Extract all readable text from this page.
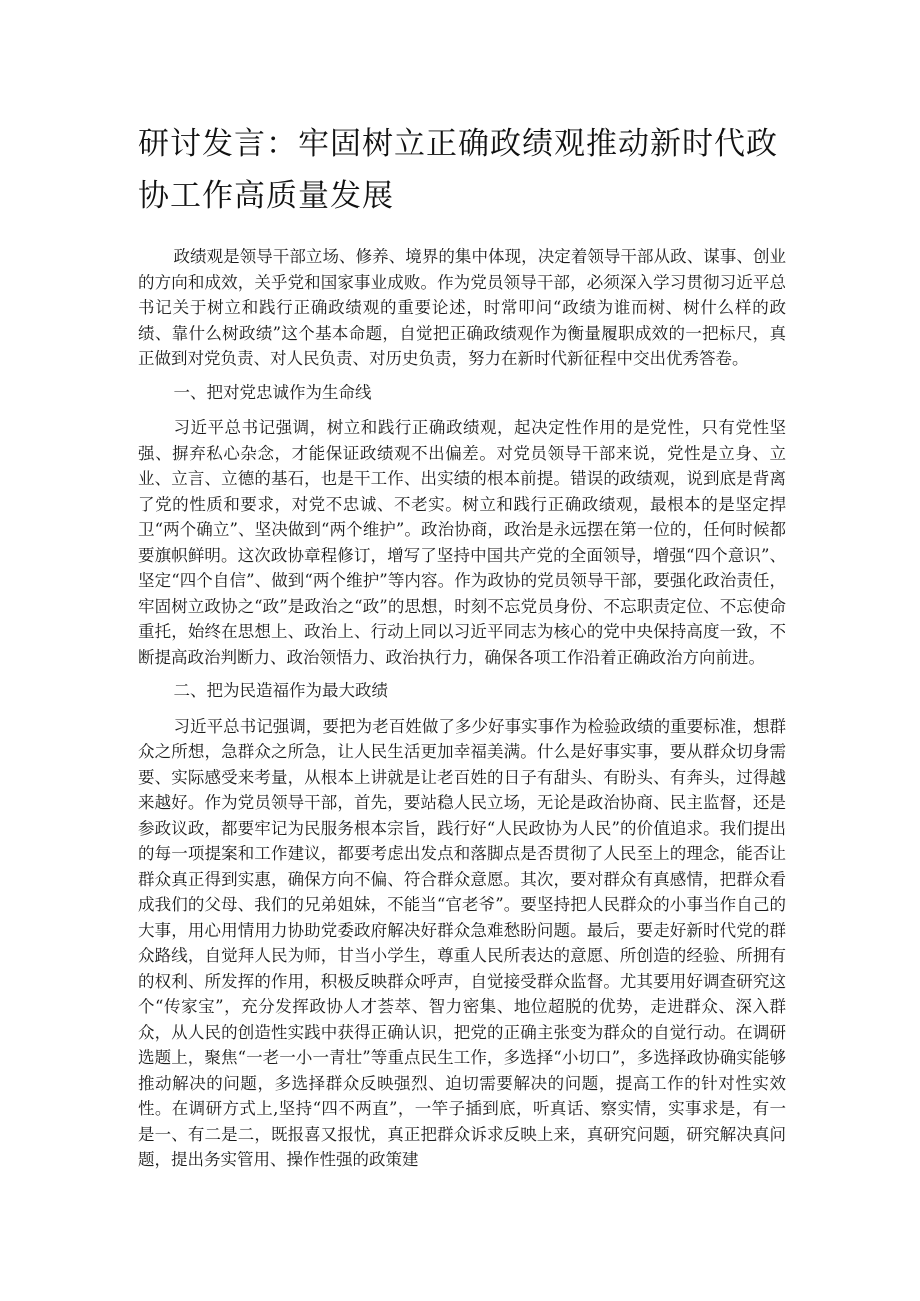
研讨发言：牢固树立正确政绩观推动新时代政协工作高质量发展

政绩观是领导干部立场、修养、境界的集中体现，决定着领导干部从政、谋事、创业的方向和成效，关乎党和国家事业成败。作为党员领导干部，必须深入学习贯彻习近平总书记关于树立和践行正确政绩观的重要论述，时常叩问“政绩为谁而树、树什么样的政绩、靠什么树政绩”这个基本命题，自觉把正确政绩观作为衡量履职成效的一把标尺，真正做到对党负责、对人民负责、对历史负责，努力在新时代新征程中交出优秀答卷。

一、把对党忠诚作为生命线

习近平总书记强调，树立和践行正确政绩观，起决定性作用的是党性，只有党性坚强、摒弃私心杂念，才能保证政绩观不出偏差。对党员领导干部来说，党性是立身、立业、立言、立德的基石，也是干工作、出实绩的根本前提。错误的政绩观，说到底是背离了党的性质和要求，对党不忠诚、不老实。树立和践行正确政绩观，最根本的是坚定捍卫“两个确立”、坚决做到“两个维护”。政治协商，政治是永远摆在第一位的，任何时候都要旗帜鲜明。这次政协章程修订，增写了坚持中国共产党的全面领导，增强“四个意识”、坚定“四个自信”、做到“两个维护”等内容。作为政协的党员领导干部，要强化政治责任，牢固树立政协之“政”是政治之“政”的思想，时刻不忘党员身份、不忘职责定位、不忘使命重托，始终在思想上、政治上、行动上同以习近平同志为核心的党中央保持高度一致，不断提高政治判断力、政治领悟力、政治执行力，确保各项工作沿着正确政治方向前进。

二、把为民造福作为最大政绩

习近平总书记强调，要把为老百姓做了多少好事实事作为检验政绩的重要标准，想群众之所想，急群众之所急，让人民生活更加幸福美满。什么是好事实事，要从群众切身需要、实际感受来考量，从根本上讲就是让老百姓的日子有甜头、有盼头、有奔头，过得越来越好。作为党员领导干部，首先，要站稳人民立场，无论是政治协商、民主监督，还是参政议政，都要牢记为民服务根本宗旨，践行好“人民政协为人民”的价值追求。我们提出的每一项提案和工作建议，都要考虑出发点和落脚点是否贯彻了人民至上的理念，能否让群众真正得到实惠，确保方向不偏、符合群众意愿。其次，要对群众有真感情，把群众看成我们的父母、我们的兄弟姐妹，不能当“官老爷”。要坚持把人民群众的小事当作自己的大事，用心用情用力协助党委政府解决好群众急难愁盼问题。最后，要走好新时代党的群众路线，自觉拜人民为师，甘当小学生，尊重人民所表达的意愿、所创造的经验、所拥有的权利、所发挥的作用，积极反映群众呼声，自觉接受群众监督。尤其要用好调查研究这个“传家宝”，充分发挥政协人才荟萃、智力密集、地位超脱的优势，走进群众、深入群众，从人民的创造性实践中获得正确认识，把党的正确主张变为群众的自觉行动。在调研选题上，聚焦“一老一小一青壮”等重点民生工作，多选择“小切口”，多选择政协确实能够推动解决的问题，多选择群众反映强烈、迫切需要解决的问题，提高工作的针对性实效性。在调研方式上,坚持“四不两直”，一竿子插到底，听真话、察实情，实事求是，有一是一、有二是二，既报喜又报忧，真正把群众诉求反映上来，真研究问题，研究解决真问题，提出务实管用、操作性强的政策建
